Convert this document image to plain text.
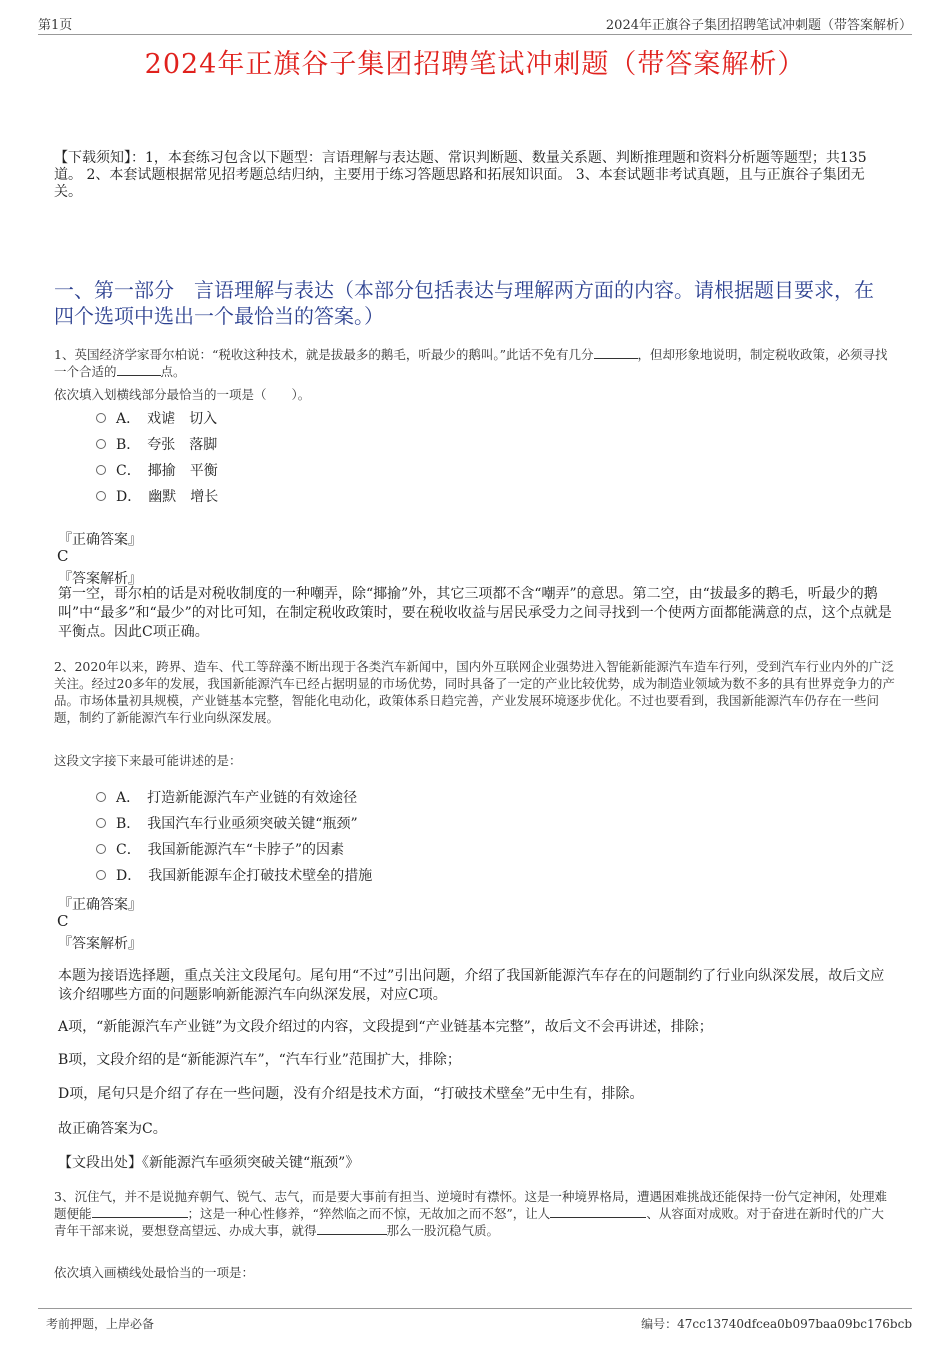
第1页	2024年正旗谷子集团招聘笔试冲刺题（带答案解析）
2024年正旗谷子集团招聘笔试冲刺题（带答案解析）
【下载须知】：1，本套练习包含以下题型：言语理解与表达题、常识判断题、数量关系题、判断推理题和资料分析题等题型；共135道。 2、本套试题根据常见招考题总结归纳，主要用于练习答题思路和拓展知识面。 3、本套试题非考试真题，且与正旗谷子集团无关。
一、第一部分　言语理解与表达（本部分包括表达与理解两方面的内容。请根据题目要求，在四个选项中选出一个最恰当的答案。）
1、英国经济学家哥尔柏说：“税收这种技术，就是拔最多的鹅毛，听最少的鹅叫。”此话不免有几分	，但却形象地说明，制定税收政策，必须寻找一个合适的	点。
依次填入划横线部分最恰当的一项是（　　）。
A．　戏谑　切入
B．　夸张　落脚
C．　揶揄　平衡
D．　幽默　增长
『正确答案』
C
『答案解析』
第一空，哥尔柏的话是对税收制度的一种嘲弄，除“揶揄”外，其它三项都不含“嘲弄”的意思。第二空，由“拔最多的鹅毛，听最少的鹅叫”中“最多”和“最少”的对比可知，在制定税收政策时，要在税收收益与居民承受力之间寻找到一个使两方面都能满意的点，这个点就是平衡点。因此C项正确。
2、2020年以来，跨界、造车、代工等辞藻不断出现于各类汽车新闻中，国内外互联网企业强势进入智能新能源汽车造车行列，受到汽车行业内外的广泛关注。经过20多年的发展，我国新能源汽车已经占据明显的市场优势，同时具备了一定的产业比较优势，成为制造业领域为数不多的具有世界竞争力的产品。市场体量初具规模，产业链基本完整，智能化电动化，政策体系日趋完善，产业发展环境逐步优化。不过也要看到，我国新能源汽车仍存在一些问题，制约了新能源汽车行业向纵深发展。
这段文字接下来最可能讲述的是：
A．　打造新能源汽车产业链的有效途径
B．　我国汽车行业亟须突破关键“瓶颈”
C．　我国新能源汽车“卡脖子”的因素
D．　我国新能源车企打破技术壁垒的措施
『正确答案』
C
『答案解析』
本题为接语选择题，重点关注文段尾句。尾句用“不过”引出问题，介绍了我国新能源汽车存在的问题制约了行业向纵深发展，故后文应该介绍哪些方面的问题影响新能源汽车向纵深发展，对应C项。
A项，“新能源汽车产业链”为文段介绍过的内容，文段提到“产业链基本完整”，故后文不会再讲述，排除；
B项，文段介绍的是“新能源汽车”，“汽车行业”范围扩大，排除；
D项，尾句只是介绍了存在一些问题，没有介绍是技术方面，“打破技术壁垒”无中生有，排除。
故正确答案为C。
【文段出处】《新能源汽车亟须突破关键“瓶颈”》
3、沉住气，并不是说抛弃朝气、锐气、志气，而是要大事前有担当、逆境时有襟怀。这是一种境界格局，遭遇困难挑战还能保持一份气定神闲，处理难题便能	；这是一种心性修养，“猝然临之而不惊，无故加之而不怒”，让人	、从容面对成败。对于奋进在新时代的广大青年干部来说，要想登高望远、办成大事，就得	那么一股沉稳气质。
依次填入画横线处最恰当的一项是：
考前押题，上岸必备	编号：47cc13740dfcea0b097baa09bc176bcb
